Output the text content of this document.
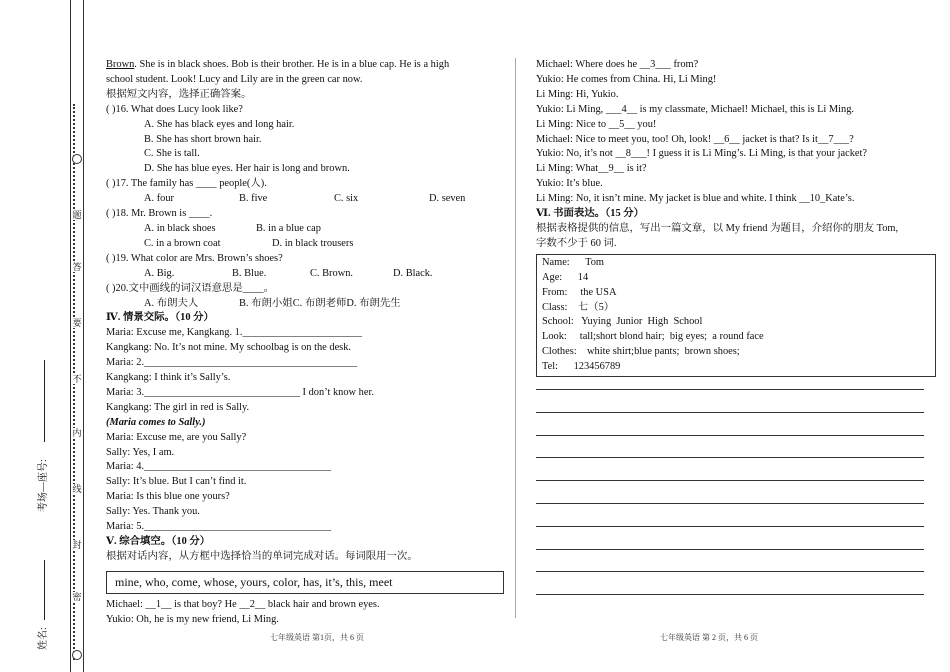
题
答
要
不
内
线
封
密
考场—座号:
姓名:

Brown. She is in black shoes. Bob is their brother. He is in a blue cap. He is a high

school student. Look! Lucy and Lily are in the green car now.

根据短文内容，选择正确答案。

( )16. What does Lucy look like?

A. She has black eyes and long hair.

B. She has short brown hair.

C. She is tall.

D. She has blue eyes. Her hair is long and brown.

( )17. The family has ____ people(人).

A. four	B. five	C. six	D. seven

( )18. Mr. Brown is ____.

A. in black shoes	B. in a blue cap

C. in a brown coat	D. in black trousers

( )19. What color are Mrs. Brown’s shoes?

A. Big.	B. Blue.	C. Brown.	D. Black.

( )20.文中画线的词汉语意思是____。

A. 布朗夫人	B. 布朗小姐C. 布朗老师D. 布朗先生

Ⅳ. 情景交际。（10 分）

Maria: Excuse me, Kangkang. 1._______________________

Kangkang: No. It’s not mine. My schoolbag is on the desk.

Maria: 2._________________________________________

Kangkang: I think it’s Sally’s.

Maria: 3.______________________________ I don’t know her.

Kangkang: The girl in red is Sally.

(Maria comes to Sally.)

Maria: Excuse me, are you Sally?

Sally: Yes, I am.

Maria: 4.____________________________________

Sally: It’s blue. But I can’t find it.

Maria: Is this blue one yours?

Sally: Yes. Thank you.

Maria: 5.____________________________________

Ⅴ. 综合填空。（10 分）

根据对话内容，从方框中选择恰当的单词完成对话。每词限用一次。

mine, who, come, whose, yours, color, has, it’s, this, meet

Michael: __1__ is that boy? He __2__ black hair and brown eyes.

Yukio: Oh, he is my new friend, Li Ming.

Michael: Where does he __3___ from?

Yukio: He comes from China. Hi, Li Ming!

Li Ming: Hi, Yukio.

Yukio: Li Ming, ___4__ is my classmate, Michael! Michael, this is Li Ming.

Li Ming: Nice to __5__ you!

Michael: Nice to meet you, too! Oh, look! __6__ jacket is that? Is it__7___?

Yukio: No, it’s not __8___! I guess it is Li Ming’s. Li Ming, is that your jacket?

Li Ming: What__9__ is it?

Yukio: It’s blue.

Li Ming: No, it isn’t mine. My jacket is blue and white. I think __10_Kate’s.

Ⅵ. 书面表达。（15 分）

根据表格提供的信息，写出一篇文章，以 My friend 为题目，介绍你的朋友 Tom,

字数不少于 60 词.

Name:      Tom

Age:      14

From:     the USA

Class:    七（5）

School:   Yuying  Junior  High  School

Look:     tall;short blond hair;  big eyes;  a round face

Clothes:    white shirt;blue pants;  brown shoes;

Tel:      123456789

七年级英语 第1页，共 6 页	七年级英语 第 2 页，共 6 页
